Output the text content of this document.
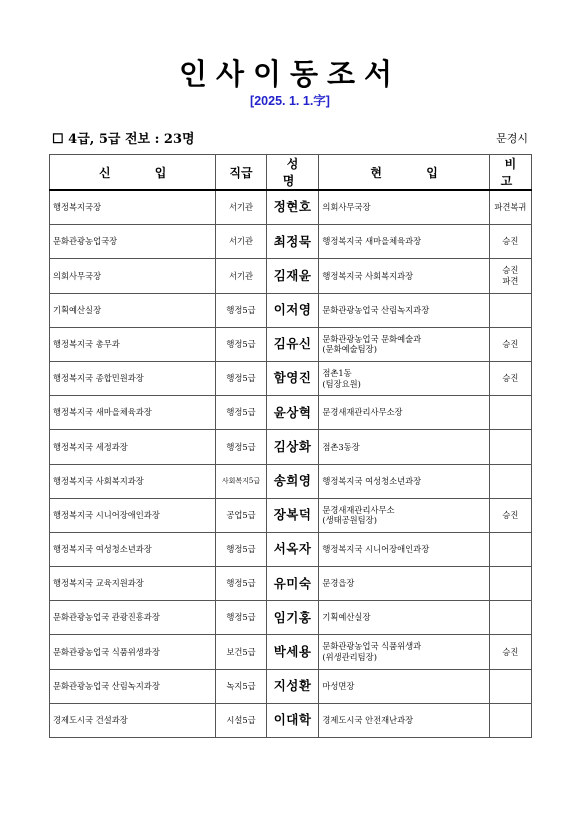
인사이동조서
[2025. 1. 1.字]
☐ 4급, 5급 전보 : 23명	문경시
신 입	직급	성 명	현 입	비고
행정복지국장	서기관	정현호	의회사무국장	파견복귀
문화관광농업국장	서기관	최정묵	행정복지국 새마을체육과장	승진
의회사무국장	서기관	김재윤	행정복지국 사회복지과장	승진
파견
기획예산실장	행정5급	이저영	문화관광농업국 산림녹지과장	
행정복지국 총무과	행정5급	김유신	문화관광농업국 문화예술과
(문화예술팀장)	승진
행정복지국 종합민원과장	행정5급	함영진	점촌1동
(팀장요원)	승진
행정복지국 새마을체육과장	행정5급	윤상혁	문경새재관리사무소장	
행정복지국 세정과장	행정5급	김상화	점촌3동장	
행정복지국 사회복지과장	사회복지5급	송희영	행정복지국 여성청소년과장	
행정복지국 시니어장애인과장	공업5급	장복덕	문경새재관리사무소
(생태공원팀장)	승진
행정복지국 여성청소년과장	행정5급	서옥자	행정복지국 시니어장애인과장	
행정복지국 교육지원과장	행정5급	유미숙	문경읍장	
문화관광농업국 관광진흥과장	행정5급	임기홍	기획예산실장	
문화관광농업국 식품위생과장	보건5급	박세용	문화관광농업국 식품위생과
(위생관리팀장)	승진
문화관광농업국 산림녹지과장	녹지5급	지성환	마성면장	
경제도시국 건설과장	시설5급	이대학	경제도시국 안전재난과장	
